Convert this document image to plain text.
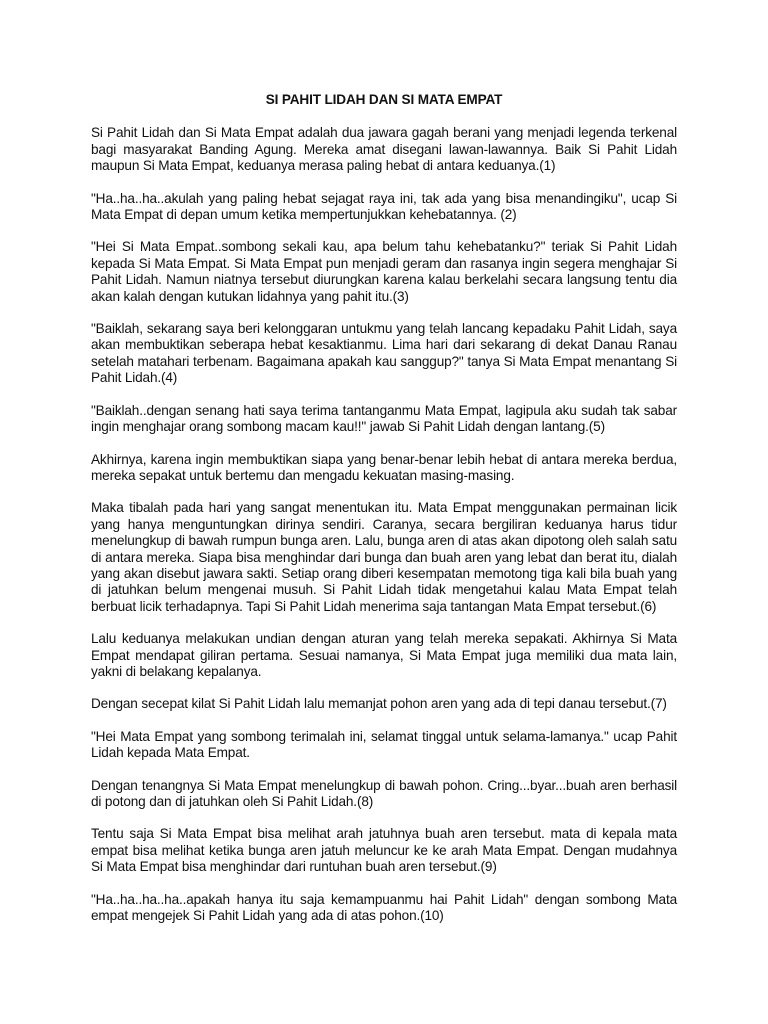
SI PAHIT LIDAH DAN SI MATA EMPAT
Si Pahit Lidah dan Si Mata Empat adalah dua jawara gagah berani yang menjadi legenda terkenal bagi masyarakat Banding Agung. Mereka amat disegani lawan-lawannya. Baik Si Pahit Lidah maupun Si Mata Empat, keduanya merasa paling hebat di antara keduanya.(1)
"Ha..ha..ha..akulah yang paling hebat sejagat raya ini, tak ada yang bisa menandingiku", ucap Si Mata Empat di depan umum ketika mempertunjukkan kehebatannya. (2)
"Hei Si Mata Empat..sombong sekali kau, apa belum tahu kehebatanku?" teriak Si Pahit Lidah kepada Si Mata Empat. Si Mata Empat pun menjadi geram dan rasanya ingin segera menghajar Si Pahit Lidah. Namun niatnya tersebut diurungkan karena kalau berkelahi secara langsung tentu dia akan kalah dengan kutukan lidahnya yang pahit itu.(3)
"Baiklah, sekarang saya beri kelonggaran untukmu yang telah lancang kepadaku Pahit Lidah, saya akan membuktikan seberapa hebat kesaktianmu. Lima hari dari sekarang di dekat Danau Ranau setelah matahari terbenam. Bagaimana apakah kau sanggup?" tanya Si Mata Empat menantang Si Pahit Lidah.(4)
"Baiklah..dengan senang hati saya terima tantanganmu Mata Empat, lagipula aku sudah tak sabar ingin menghajar orang sombong macam kau!!" jawab Si Pahit Lidah dengan lantang.(5)
Akhirnya, karena ingin membuktikan siapa yang benar-benar lebih hebat di antara mereka berdua, mereka sepakat untuk bertemu dan mengadu kekuatan masing-masing.
Maka tibalah pada hari yang sangat menentukan itu. Mata Empat menggunakan permainan licik yang hanya menguntungkan dirinya sendiri. Caranya, secara bergiliran keduanya harus tidur menelungkup di bawah rumpun bunga aren. Lalu, bunga aren di atas akan dipotong oleh salah satu di antara mereka. Siapa bisa menghindar dari bunga dan buah aren yang lebat dan berat itu, dialah yang akan disebut jawara sakti. Setiap orang diberi kesempatan memotong tiga kali bila buah yang di jatuhkan belum mengenai musuh. Si Pahit Lidah tidak mengetahui kalau Mata Empat telah berbuat licik terhadapnya. Tapi Si Pahit Lidah menerima saja tantangan Mata Empat tersebut.(6)
Lalu keduanya melakukan undian dengan aturan yang telah mereka sepakati. Akhirnya Si Mata Empat mendapat giliran pertama. Sesuai namanya, Si Mata Empat juga memiliki dua mata lain, yakni di belakang kepalanya.
Dengan secepat kilat Si Pahit Lidah lalu memanjat pohon aren yang ada di tepi danau tersebut.(7)
"Hei Mata Empat yang sombong terimalah ini, selamat tinggal untuk selama-lamanya." ucap Pahit Lidah kepada Mata Empat.
Dengan tenangnya Si Mata Empat menelungkup di bawah pohon. Cring...byar...buah aren berhasil di potong dan di jatuhkan oleh Si Pahit Lidah.(8)
Tentu saja Si Mata Empat bisa melihat arah jatuhnya buah aren tersebut. mata di kepala mata empat bisa melihat ketika bunga aren jatuh meluncur ke ke arah Mata Empat. Dengan mudahnya Si Mata Empat bisa menghindar dari runtuhan buah aren tersebut.(9)
"Ha..ha..ha..ha..apakah hanya itu saja kemampuanmu hai Pahit Lidah" dengan sombong Mata empat mengejek Si Pahit Lidah yang ada di atas pohon.(10)
